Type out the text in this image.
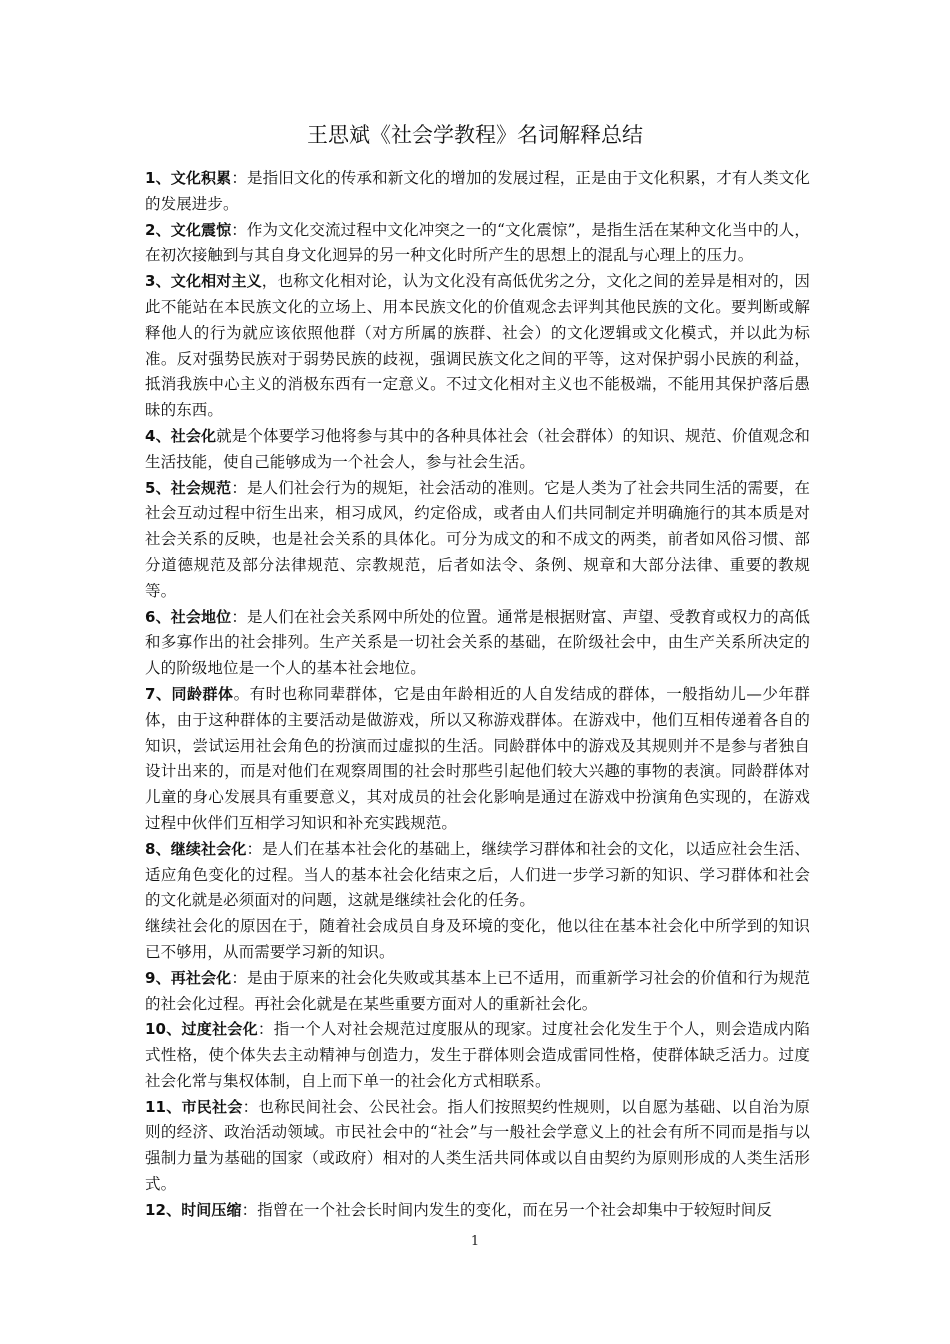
王思斌《社会学教程》名词解释总结

1、文化积累：是指旧文化的传承和新文化的增加的发展过程，正是由于文化积累，才有人类文化的发展进步。

2、文化震惊：作为文化交流过程中文化冲突之一的“文化震惊”，是指生活在某种文化当中的人，在初次接触到与其自身文化迥异的另一种文化时所产生的思想上的混乱与心理上的压力。

3、文化相对主义，也称文化相对论，认为文化没有高低优劣之分，文化之间的差异是相对的，因此不能站在本民族文化的立场上、用本民族文化的价值观念去评判其他民族的文化。要判断或解释他人的行为就应该依照他群（对方所属的族群、社会）的文化逻辑或文化模式，并以此为标准。反对强势民族对于弱势民族的歧视，强调民族文化之间的平等，这对保护弱小民族的利益，抵消我族中心主义的消极东西有一定意义。不过文化相对主义也不能极端，不能用其保护落后愚昧的东西。

4、社会化就是个体要学习他将参与其中的各种具体社会（社会群体）的知识、规范、价值观念和生活技能，使自己能够成为一个社会人，参与社会生活。

5、社会规范：是人们社会行为的规矩，社会活动的准则。它是人类为了社会共同生活的需要，在社会互动过程中衍生出来，相习成风，约定俗成，或者由人们共同制定并明确施行的其本质是对社会关系的反映，也是社会关系的具体化。可分为成文的和不成文的两类，前者如风俗习惯、部分道德规范及部分法律规范、宗教规范，后者如法令、条例、规章和大部分法律、重要的教规等。

6、社会地位：是人们在社会关系网中所处的位置。通常是根据财富、声望、受教育或权力的高低和多寡作出的社会排列。生产关系是一切社会关系的基础，在阶级社会中，由生产关系所决定的人的阶级地位是一个人的基本社会地位。

7、同龄群体。有时也称同辈群体，它是由年龄相近的人自发结成的群体，一般指幼儿—少年群体，由于这种群体的主要活动是做游戏，所以又称游戏群体。在游戏中，他们互相传递着各自的知识，尝试运用社会角色的扮演而过虚拟的生活。同龄群体中的游戏及其规则并不是参与者独自设计出来的，而是对他们在观察周围的社会时那些引起他们较大兴趣的事物的表演。同龄群体对儿童的身心发展具有重要意义，其对成员的社会化影响是通过在游戏中扮演角色实现的，在游戏过程中伙伴们互相学习知识和补充实践规范。

8、继续社会化：是人们在基本社会化的基础上，继续学习群体和社会的文化，以适应社会生活、适应角色变化的过程。当人的基本社会化结束之后，人们进一步学习新的知识、学习群体和社会的文化就是必须面对的问题，这就是继续社会化的任务。

继续社会化的原因在于，随着社会成员自身及环境的变化，他以往在基本社会化中所学到的知识已不够用，从而需要学习新的知识。

9、再社会化：是由于原来的社会化失败或其基本上已不适用，而重新学习社会的价值和行为规范的社会化过程。再社会化就是在某些重要方面对人的重新社会化。

10、过度社会化：指一个人对社会规范过度服从的现家。过度社会化发生于个人，则会造成内陷式性格，使个体失去主动精神与创造力，发生于群体则会造成雷同性格，使群体缺乏活力。过度社会化常与集权体制，自上而下单一的社会化方式相联系。

11、市民社会：也称民间社会、公民社会。指人们按照契约性规则，以自愿为基础、以自治为原则的经济、政治活动领域。市民社会中的“社会”与一般社会学意义上的社会有所不同而是指与以强制力量为基础的国家（或政府）相对的人类生活共同体或以自由契约为原则形成的人类生活形式。

12、时间压缩：指曾在一个社会长时间内发生的变化，而在另一个社会却集中于较短时间反

1
